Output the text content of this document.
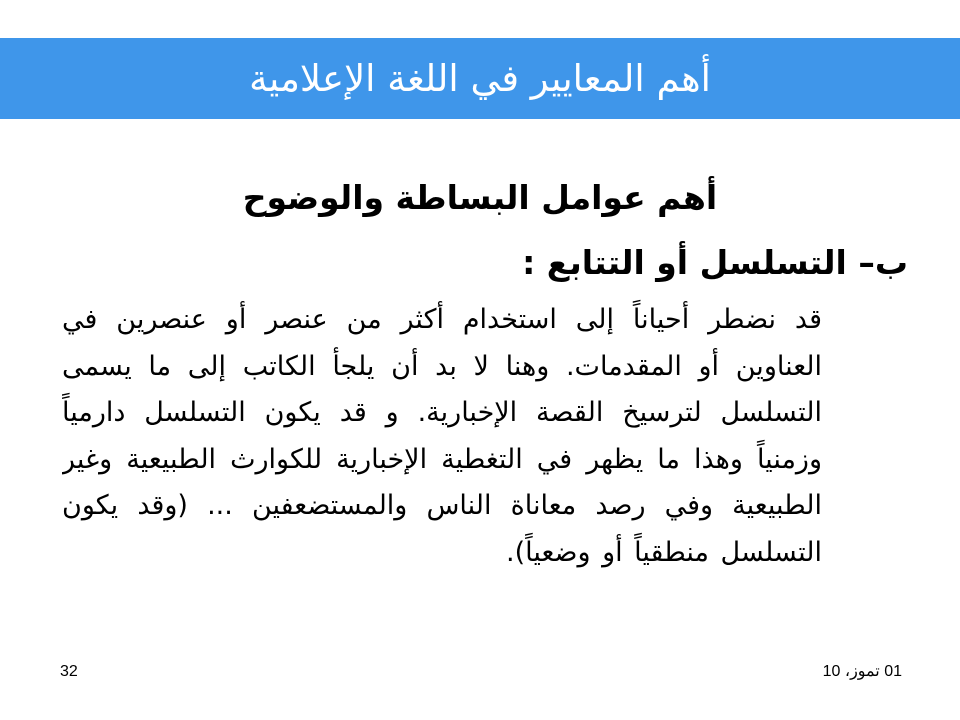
أهم المعايير في اللغة الإعلامية
أهم عوامل البساطة والوضوح
ب– التسلسل أو التتابع :

قد نضطر أحياناً إلى استخدام أكثر من عنصر أو عنصرين في العناوين أو المقدمات. وهنا لا بد أن يلجأ الكاتب إلى ما يسمى التسلسل لترسيخ القصة الإخبارية. و قد يكون التسلسل دارمياً وزمنياً وهذا ما يظهر في التغطية الإخبارية للكوارث الطبيعية وغير الطبيعية وفي رصد معاناة الناس والمستضعفين ... (وقد يكون التسلسل منطقياً أو وضعياً).

01 تموز، 10
32
